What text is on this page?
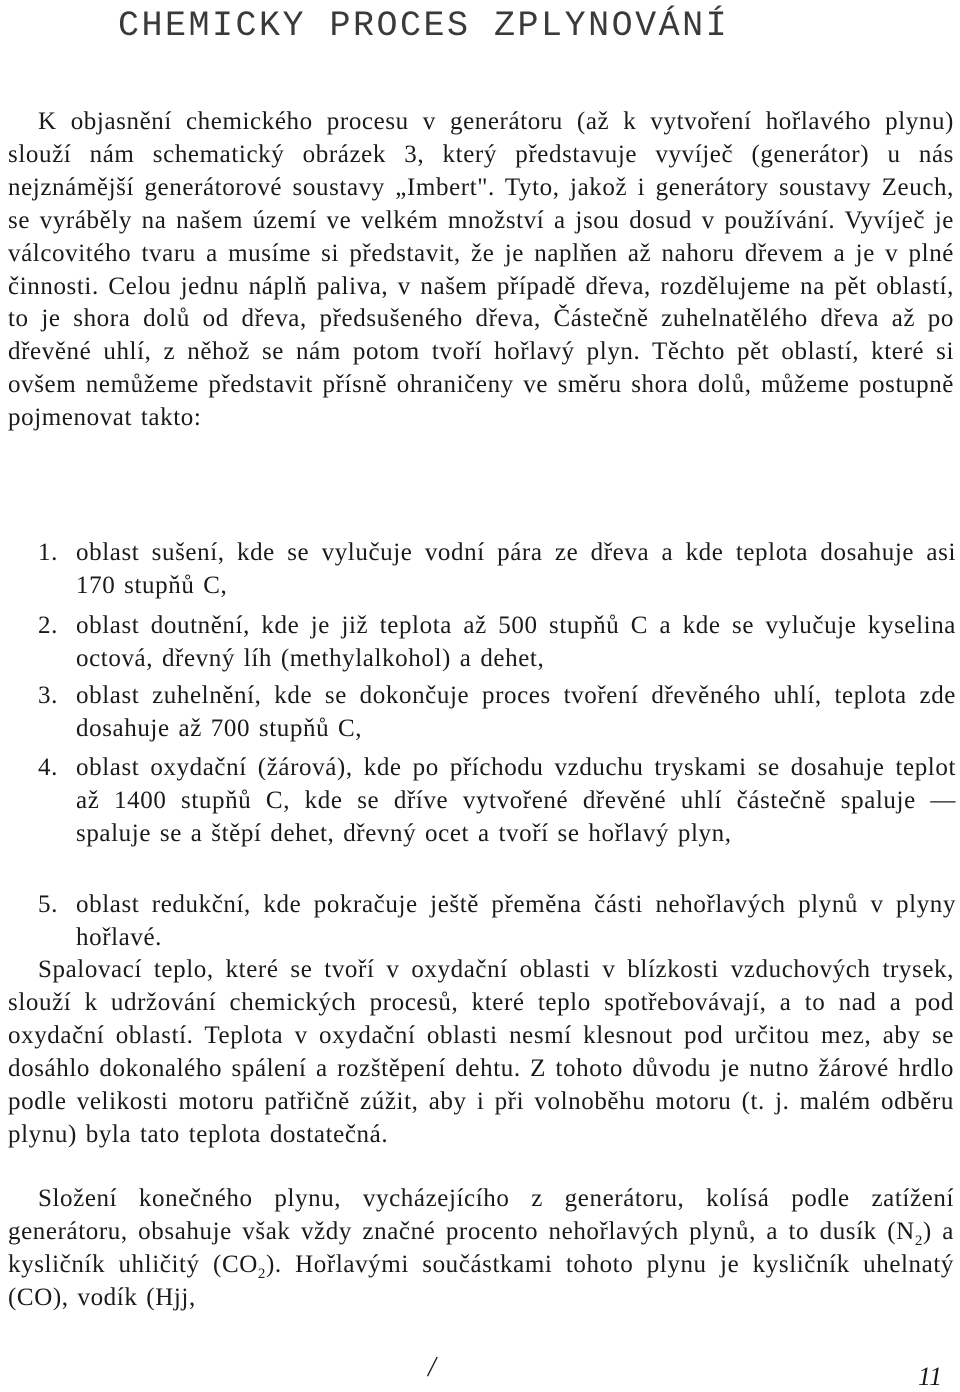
CHEMICKY PROCES ZPLYNOVÁNÍ

K objasnění chemického procesu v generátoru (až k vytvoření hořlavého plynu) slouží nám schematický obrázek 3, který představuje vyvíječ (generátor) u nás nejznámější generátorové soustavy „Imbert". Tyto, jakož i generátory soustavy Zeuch, se vyráběly na našem území ve velkém množství a jsou dosud v používání. Vyvíječ je válcovitého tvaru a musíme si představit, že je naplňen až nahoru dřevem a je v plné činnosti. Celou jednu náplň paliva, v našem případě dřeva, rozdělujeme na pět oblastí, to je shora dolů od dřeva, předsušeného dřeva, Částečně zuhelnatělého dřeva až po dřevěné uhlí, z něhož se nám potom tvoří hořlavý plyn. Těchto pět oblastí, které si ovšem nemůžeme představit přísně ohraničeny ve směru shora dolů, můžeme postupně pojmenovat takto:

1. oblast sušení, kde se vylučuje vodní pára ze dřeva a kde teplota dosahuje asi 170 stupňů C,
2. oblast doutnění, kde je již teplota až 500 stupňů C a kde se vylučuje kyselina octová, dřevný líh (methylalkohol) a dehet,
3. oblast zuhelnění, kde se dokončuje proces tvoření dřevěného uhlí, teplota zde dosahuje až 700 stupňů C,
4. oblast oxydační (žárová), kde po příchodu vzduchu tryskami se dosahuje teplot až 1400 stupňů C, kde se dříve vytvořené dřevěné uhlí částečně spaluje — spaluje se a štěpí dehet, dřevný ocet a tvoří se hořlavý plyn,
5. oblast redukční, kde pokračuje ještě přeměna části nehořlavých plynů v plyny hořlavé.

Spalovací teplo, které se tvoří v oxydační oblasti v blízkosti vzduchových trysek, slouží k udržování chemických procesů, které teplo spotřebovávají, a to nad a pod oxydační oblastí. Teplota v oxydační oblasti nesmí klesnout pod určitou mez, aby se dosáhlo dokonalého spálení a rozštěpení dehtu. Z tohoto důvodu je nutno žárové hrdlo podle velikosti motoru patřičně zúžit, aby i při volnoběhu motoru (t. j. malém odběru plynu) byla tato teplota dostatečná.

Složení konečného plynu, vycházejícího z generátoru, kolísá podle zatížení generátoru, obsahuje však vždy značné procento nehořlavých plynů, a to dusík $(N_2)$ a kysličník uhličitý $(CO_2)$. Hořlavými součástkami tohoto plynu je kysličník uhelnatý (CO), vodík (Hjj,

/	11
